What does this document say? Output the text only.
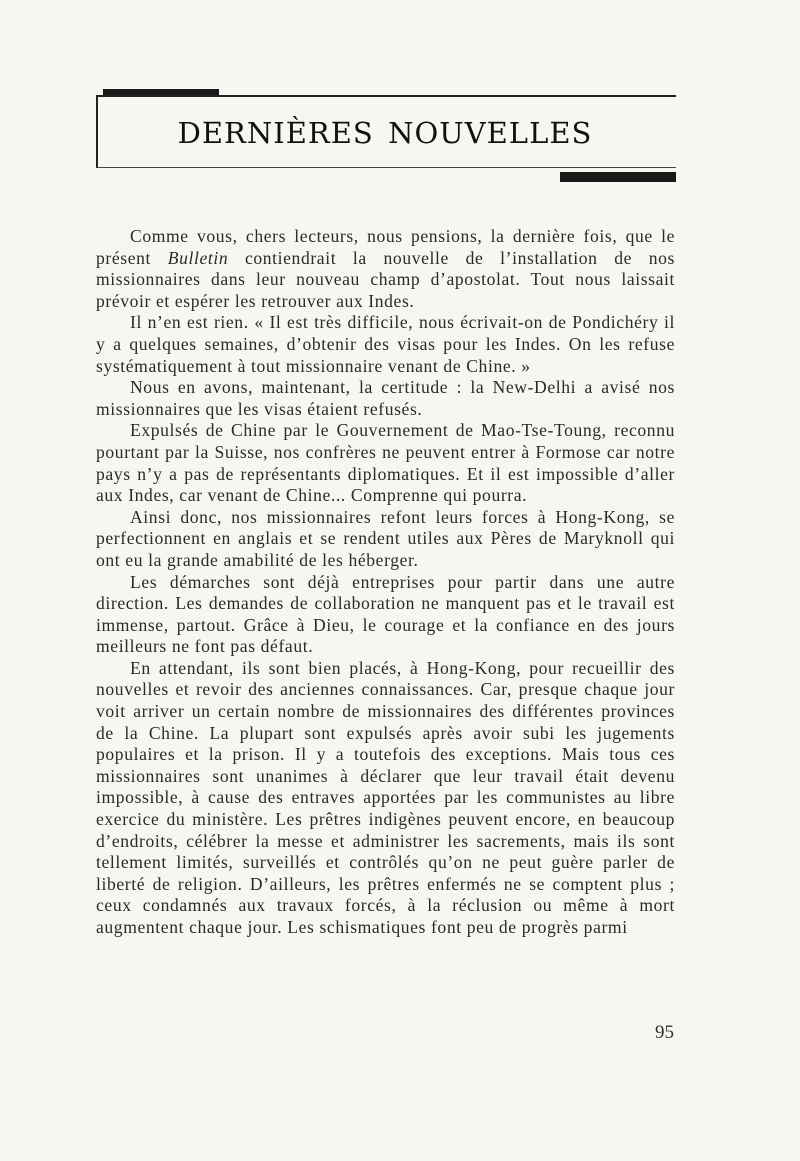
dernières nouvelles

Comme vous, chers lecteurs, nous pensions, la dernière fois, que le présent Bulletin contiendrait la nouvelle de l’installation de nos missionnaires dans leur nouveau champ d’apostolat. Tout nous laissait prévoir et espérer les retrouver aux Indes.

Il n’en est rien. « Il est très difficile, nous écrivait-on de Pondichéry il y a quelques semaines, d’obtenir des visas pour les Indes. On les refuse systématiquement à tout missionnaire venant de Chine. »

Nous en avons, maintenant, la certitude : la New-Delhi a avisé nos missionnaires que les visas étaient refusés.

Expulsés de Chine par le Gouvernement de Mao-Tse-Toung, reconnu pourtant par la Suisse, nos confrères ne peuvent entrer à Formose car notre pays n’y a pas de représentants diplomatiques. Et il est impossible d’aller aux Indes, car venant de Chine... Comprenne qui pourra.

Ainsi donc, nos missionnaires refont leurs forces à Hong-Kong, se perfectionnent en anglais et se rendent utiles aux Pères de Maryknoll qui ont eu la grande amabilité de les héberger.

Les démarches sont déjà entreprises pour partir dans une autre direction. Les demandes de collaboration ne manquent pas et le travail est immense, partout. Grâce à Dieu, le courage et la confiance en des jours meilleurs ne font pas défaut.

En attendant, ils sont bien placés, à Hong-Kong, pour recueillir des nouvelles et revoir des anciennes connaissances. Car, presque chaque jour voit arriver un certain nombre de missionnaires des différentes provinces de la Chine. La plupart sont expulsés après avoir subi les jugements populaires et la prison. Il y a toutefois des exceptions. Mais tous ces missionnaires sont unanimes à déclarer que leur travail était devenu impossible, à cause des entraves apportées par les communistes au libre exercice du ministère. Les prêtres indigènes peuvent encore, en beaucoup d’endroits, célébrer la messe et administrer les sacrements, mais ils sont tellement limités, surveillés et contrôlés qu’on ne peut guère parler de liberté de religion. D’ailleurs, les prêtres enfermés ne se comptent plus ; ceux condamnés aux travaux forcés, à la réclusion ou même à mort augmentent chaque jour. Les schismatiques font peu de progrès parmi

95
